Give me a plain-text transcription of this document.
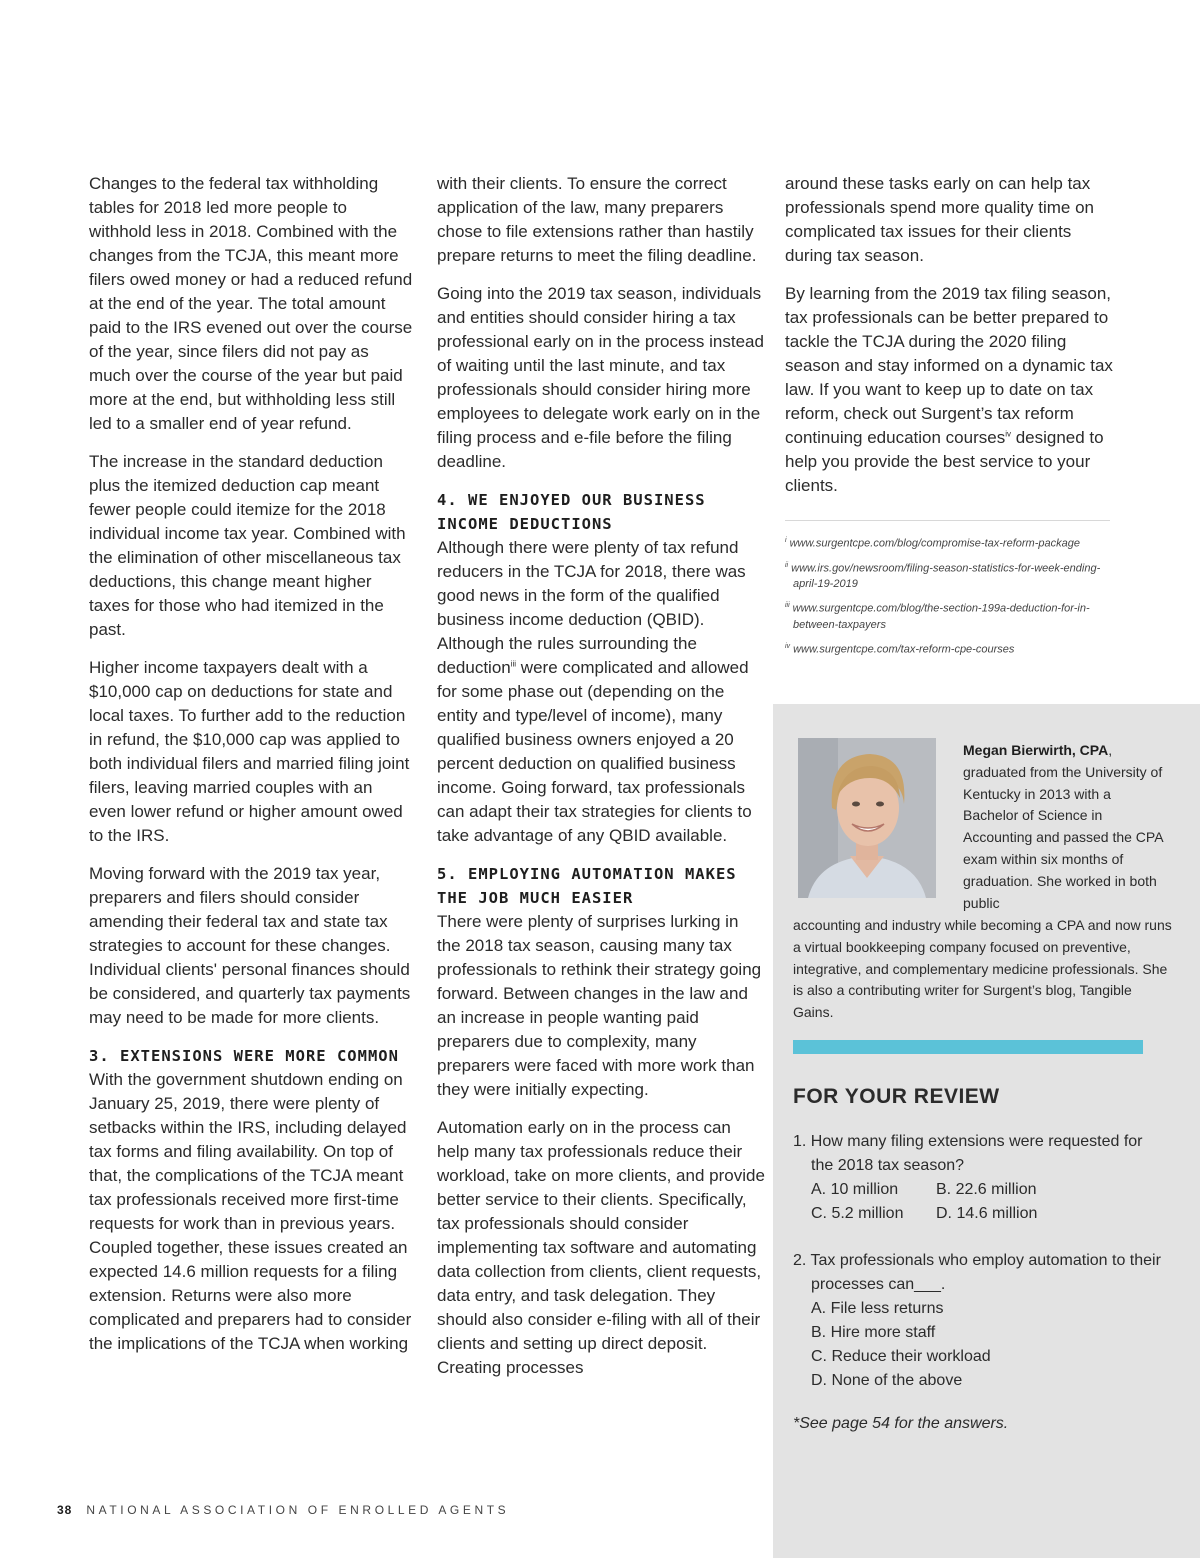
Changes to the federal tax withholding tables for 2018 led more people to withhold less in 2018. Combined with the changes from the TCJA, this meant more filers owed money or had a reduced refund at the end of the year. The total amount paid to the IRS evened out over the course of the year, since filers did not pay as much over the course of the year but paid more at the end, but withholding less still led to a smaller end of year refund.

The increase in the standard deduction plus the itemized deduction cap meant fewer people could itemize for the 2018 individual income tax year. Combined with the elimination of other miscellaneous tax deductions, this change meant higher taxes for those who had itemized in the past.

Higher income taxpayers dealt with a $10,000 cap on deductions for state and local taxes. To further add to the reduction in refund, the $10,000 cap was applied to both individual filers and married filing joint filers, leaving married couples with an even lower refund or higher amount owed to the IRS.

Moving forward with the 2019 tax year, preparers and filers should consider amending their federal tax and state tax strategies to account for these changes. Individual clients' personal finances should be considered, and quarterly tax payments may need to be made for more clients.

3. EXTENSIONS WERE MORE COMMON

With the government shutdown ending on January 25, 2019, there were plenty of setbacks within the IRS, including delayed tax forms and filing availability. On top of that, the complications of the TCJA meant tax professionals received more first-time requests for work than in previous years. Coupled together, these issues created an expected 14.6 million requests for a filing extension. Returns were also more complicated and preparers had to consider the implications of the TCJA when working

with their clients. To ensure the correct application of the law, many preparers chose to file extensions rather than hastily prepare returns to meet the filing deadline.

Going into the 2019 tax season, individuals and entities should consider hiring a tax professional early on in the process instead of waiting until the last minute, and tax professionals should consider hiring more employees to delegate work early on in the filing process and e-file before the filing deadline.

4. WE ENJOYED OUR BUSINESS INCOME DEDUCTIONS

Although there were plenty of tax refund reducers in the TCJA for 2018, there was good news in the form of the qualified business income deduction (QBID). Although the rules surrounding the deduction$^{iii}$ were complicated and allowed for some phase out (depending on the entity and type/level of income), many qualified business owners enjoyed a 20 percent deduction on qualified business income. Going forward, tax professionals can adapt their tax strategies for clients to take advantage of any QBID available.

5. EMPLOYING AUTOMATION MAKES THE JOB MUCH EASIER

There were plenty of surprises lurking in the 2018 tax season, causing many tax professionals to rethink their strategy going forward. Between changes in the law and an increase in people wanting paid preparers due to complexity, many preparers were faced with more work than they were initially expecting.

Automation early on in the process can help many tax professionals reduce their workload, take on more clients, and provide better service to their clients. Specifically, tax professionals should consider implementing tax software and automating data collection from clients, client requests, data entry, and task delegation. They should also consider e-filing with all of their clients and setting up direct deposit. Creating processes

around these tasks early on can help tax professionals spend more quality time on complicated tax issues for their clients during tax season.

By learning from the 2019 tax filing season, tax professionals can be better prepared to tackle the TCJA during the 2020 filing season and stay informed on a dynamic tax law. If you want to keep up to date on tax reform, check out Surgent’s tax reform continuing education courses$^{iv}$ designed to help you provide the best service to your clients.

$^i$ www.surgentcpe.com/blog/compromise-tax-reform-package
$^{ii}$ www.irs.gov/newsroom/filing-season-statistics-for-week-ending-april-19-2019
$^{iii}$ www.surgentcpe.com/blog/the-section-199a-deduction-for-in-between-taxpayers
$^{iv}$ www.surgentcpe.com/tax-reform-cpe-courses
Megan Bierwirth, CPA, graduated from the University of Kentucky in 2013 with a Bachelor of Science in Accounting and passed the CPA exam within six months of graduation. She worked in both public
accounting and industry while becoming a CPA and now runs a virtual bookkeeping company focused on preventive, integrative, and complementary medicine professionals. She is also a contributing writer for Surgent’s blog, Tangible Gains.
FOR YOUR REVIEW
1. How many filing extensions were requested for the 2018 tax season?
A. 10 million	B. 22.6 million
C. 5.2 million	D. 14.6 million
2. Tax professionals who employ automation to their processes can___.
A. File less returns
B. Hire more staff
C. Reduce their workload
D. None of the above
*See page 54 for the answers.
38 NATIONAL ASSOCIATION OF ENROLLED AGENTS
